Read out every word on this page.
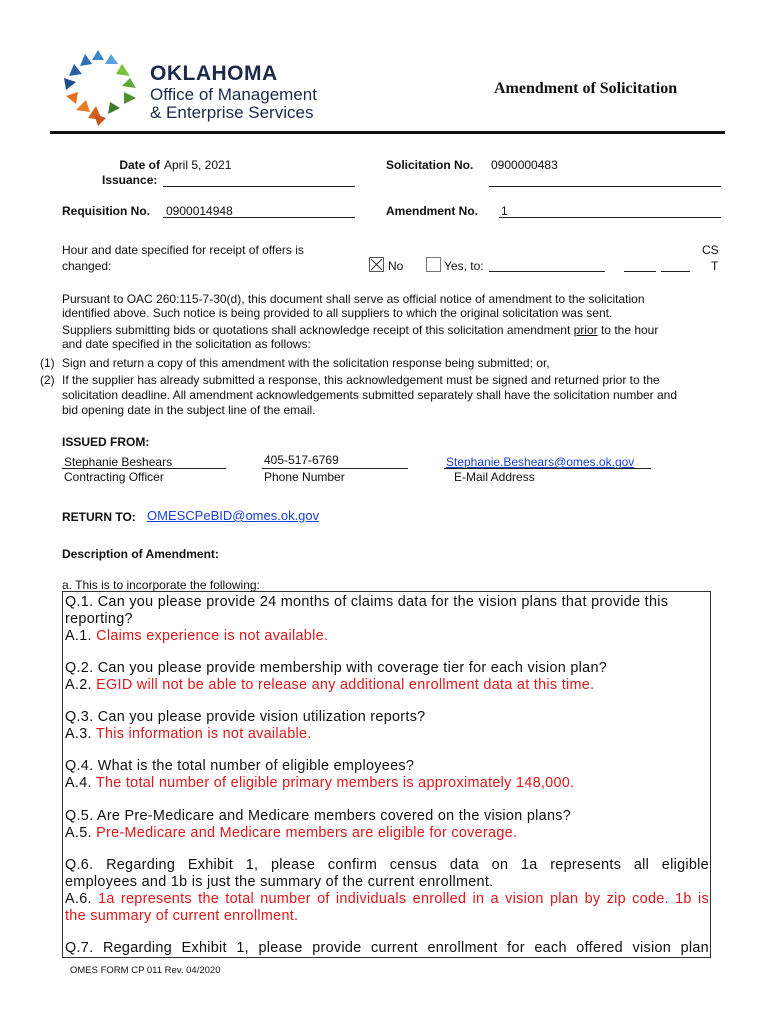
OKLAHOMA
Office of Management
& Enterprise Services
Amendment of Solicitation
Date of
Issuance:
April 5, 2021	Solicitation No. 0900000483
Requisition No. 0900014948	Amendment No. 1
Hour and date specified for receipt of offers is
changed:	No	Yes, to:
CS
T
Pursuant to OAC 260:115-7-30(d), this document shall serve as official notice of amendment to the solicitation
identified above. Such notice is being provided to all suppliers to which the original solicitation was sent.
Suppliers submitting bids or quotations shall acknowledge receipt of this solicitation amendment prior to the hour
and date specified in the solicitation as follows:
(1) Sign and return a copy of this amendment with the solicitation response being submitted; or,
(2) If the supplier has already submitted a response, this acknowledgement must be signed and returned prior to the
solicitation deadline. All amendment acknowledgements submitted separately shall have the solicitation number and
bid opening date in the subject line of the email.
ISSUED FROM:
Stephanie Beshears
Contracting Officer
405-517-6769
Phone Number
Stephanie.Beshears@omes.ok.gov
E-Mail Address
RETURN TO: OMESCPeBID@omes.ok.gov
Description of Amendment:
a. This is to incorporate the following:
Q.1. Can you please provide 24 months of claims data for the vision plans that provide this
reporting?
A.1. Claims experience is not available.
Q.2. Can you please provide membership with coverage tier for each vision plan?
A.2. EGID will not be able to release any additional enrollment data at this time.
Q.3. Can you please provide vision utilization reports?
A.3. This information is not available.
Q.4. What is the total number of eligible employees?
A.4. The total number of eligible primary members is approximately 148,000.
Q.5. Are Pre-Medicare and Medicare members covered on the vision plans?
A.5. Pre-Medicare and Medicare members are eligible for coverage.
Q.6. Regarding Exhibit 1, please confirm census data on 1a represents all eligible
employees and 1b is just the summary of the current enrollment.
A.6. 1a represents the total number of individuals enrolled in a vision plan by zip code. 1b is
the summary of current enrollment.
Q.7. Regarding Exhibit 1, please provide current enrollment for each offered vision plan
OMES FORM CP 011 Rev. 04/2020
